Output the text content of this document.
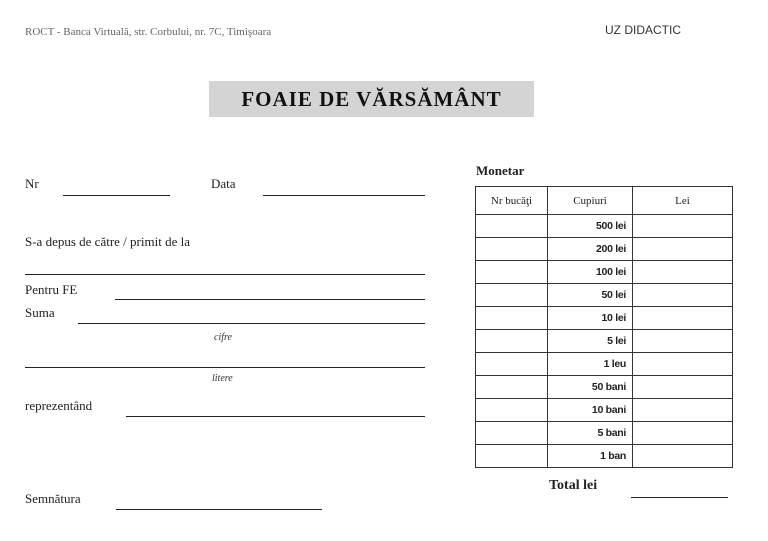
ROCT - Banca Virtuală, str. Corbului, nr. 7C, Timişoara	UZ DIDACTIC
FOAIE DE VĂRSĂMÂNT
Nr	Data
S-a depus de către / primit de la
Pentru FE
Suma
cifre
litere
reprezentând
Semnătura
Monetar
Nr bucăţi	Cupiuri	Lei
	500 lei	
	200 lei	
	100 lei	
	50 lei	
	10 lei	
	5 lei	
	1 leu	
	50 bani	
	10 bani	
	5 bani	
	1 ban	
Total lei
